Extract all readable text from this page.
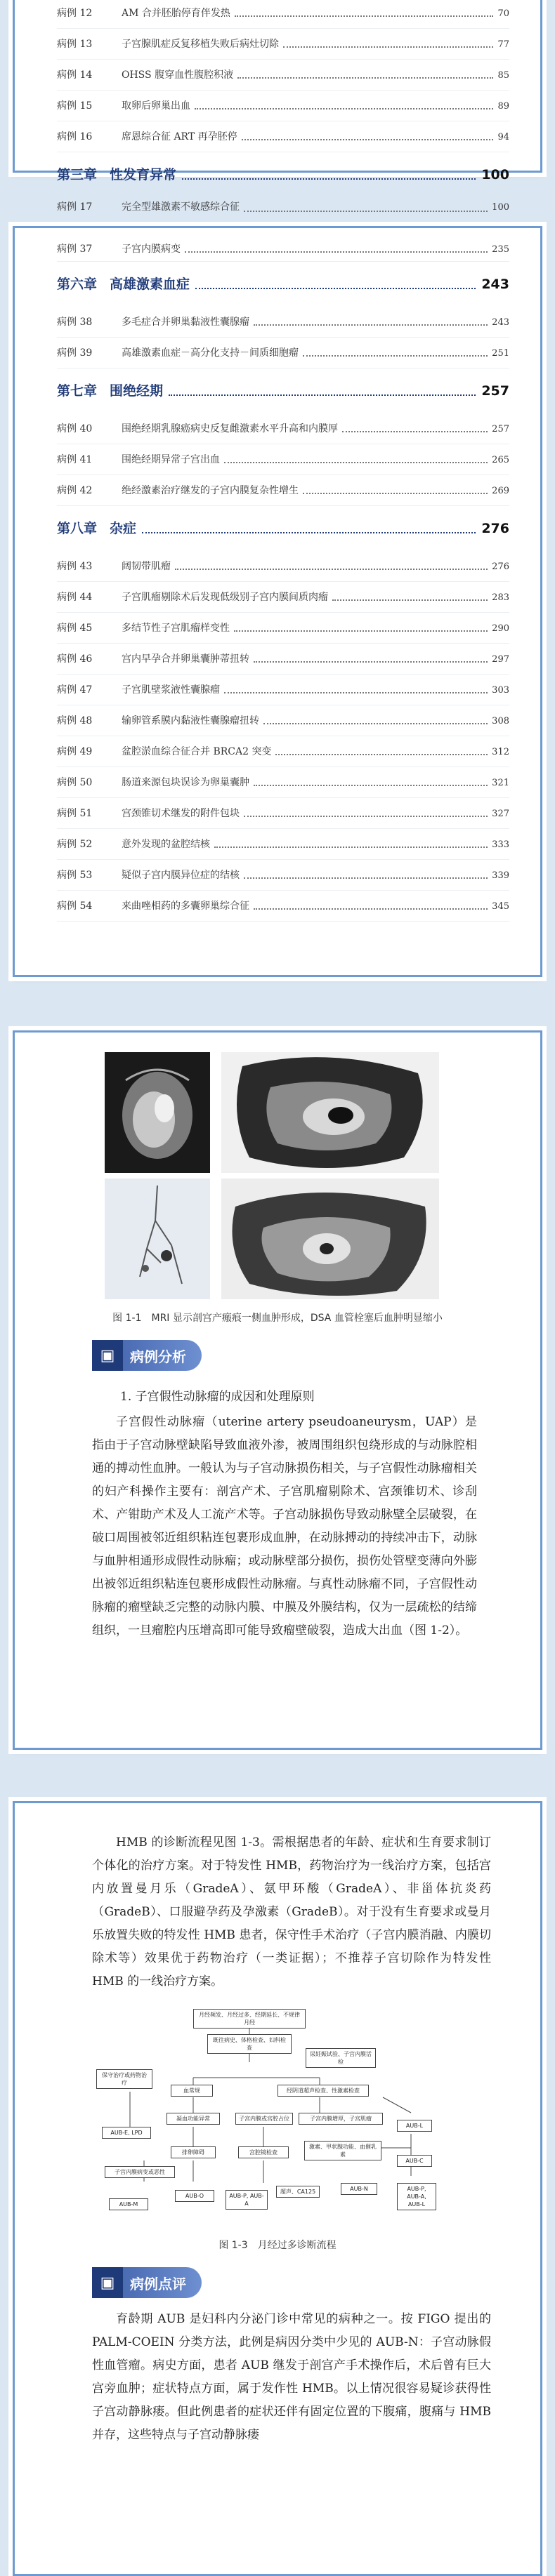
病例 12	AM 合并胚胎停育伴发热	70
病例 13	子宫腺肌症反复移植失败后病灶切除	77
病例 14	OHSS 腹穿血性腹腔积液	85
病例 15	取卵后卵巢出血	89
病例 16	席恩综合征 ART 再孕胚停	94
第三章 性发育异常	100
病例 17	完全型雄激素不敏感综合征	100
病例 37	子宫内膜病变	235
第六章 高雄激素血症	243
病例 38	多毛症合并卵巢黏液性囊腺瘤	243
病例 39	高雄激素血症－高分化支持－间质细胞瘤	251
第七章 围绝经期	257
病例 40	围绝经期乳腺癌病史反复雌激素水平升高和内膜厚	257
病例 41	围绝经期异常子宫出血	265
病例 42	绝经激素治疗继发的子宫内膜复杂性增生	269
第八章 杂症	276
病例 43	阔韧带肌瘤	276
病例 44	子宫肌瘤剔除术后发现低级别子宫内膜间质肉瘤	283
病例 45	多结节性子宫肌瘤样变性	290
病例 46	宫内早孕合并卵巢囊肿蒂扭转	297
病例 47	子宫肌壁浆液性囊腺瘤	303
病例 48	输卵管系膜内黏液性囊腺瘤扭转	308
病例 49	盆腔淤血综合征合并 BRCA2 突变	312
病例 50	肠道来源包块误诊为卵巢囊肿	321
病例 51	宫颈锥切术继发的附件包块	327
病例 52	意外发现的盆腔结核	333
病例 53	疑似子宫内膜异位症的结核	339
病例 54	来曲唑相药的多囊卵巢综合征	345
图 1-1　MRI 显示剖宫产瘢痕一侧血肿形成，DSA 血管栓塞后血肿明显缩小
▣	病例分析
1. 子宫假性动脉瘤的成因和处理原则

子宫假性动脉瘤（uterine artery pseudoaneurysm，UAP）是指由于子宫动脉壁缺陷导致血液外渗，被周围组织包绕形成的与动脉腔相通的搏动性血肿。一般认为与子宫动脉损伤相关，与子宫假性动脉瘤相关的妇产科操作主要有：剖宫产术、子宫肌瘤剔除术、宫颈锥切术、诊刮术、产钳助产术及人工流产术等。子宫动脉损伤导致动脉壁全层破裂，在破口周围被邻近组织粘连包裹形成血肿，在动脉搏动的持续冲击下，动脉与血肿相通形成假性动脉瘤；或动脉壁部分损伤，损伤处管壁变薄向外膨出被邻近组织粘连包裹形成假性动脉瘤。与真性动脉瘤不同，子宫假性动脉瘤的瘤壁缺乏完整的动脉内膜、中膜及外膜结构，仅为一层疏松的结缔组织，一旦瘤腔内压增高即可能导致瘤壁破裂，造成大出血（图 1-2）。

HMB 的诊断流程见图 1-3。需根据患者的年龄、症状和生育要求制订个体化的治疗方案。对于特发性 HMB，药物治疗为一线治疗方案，包括宫内放置曼月乐（GradeA）、氨甲环酸（GradeA）、非甾体抗炎药（GradeB）、口服避孕药及孕激素（GradeB）。对于没有生育要求或曼月乐放置失败的特发性 HMB 患者，保守性手术治疗（子宫内膜消融、内膜切除术等）效果优于药物治疗（一类证据）；不推荐子宫切除作为特发性 HMB 的一线治疗方案。

月经频发、月经过多、经期延长、不规律月经
既往病史、体格检查、妇科检查
尿妊娠试验、子宫内膜活检
保守治疗或药物治疗
血常规	经阴道超声检查、性激素检查
凝血功能异常	子宫内膜增厚，子宫肌瘤
子宫内膜或宫腔占位
AUB-L
AUB-E, LPD
排卵障碍	宫腔镜检查
激素、甲状腺功能、血催乳素
AUB-C
子宫内膜病变或恶性
AUB-M
AUB-O	AUB-P, AUB-A
超声、CA125	AUB-N	AUB-P, AUB-A, AUB-L
图 1-3　月经过多诊断流程
▣	病例点评

育龄期 AUB 是妇科内分泌门诊中常见的病种之一。按 FIGO 提出的 PALM-COEIN 分类方法，此例是病因分类中少见的 AUB-N：子宫动脉假性血管瘤。病史方面，患者 AUB 继发于剖宫产手术操作后，术后曾有巨大宫旁血肿；症状特点方面，属于发作性 HMB。以上情况很容易疑诊获得性子宫动静脉瘘。但此例患者的症状还伴有固定位置的下腹痛，腹痛与 HMB 并存，这些特点与子宫动静脉瘘
